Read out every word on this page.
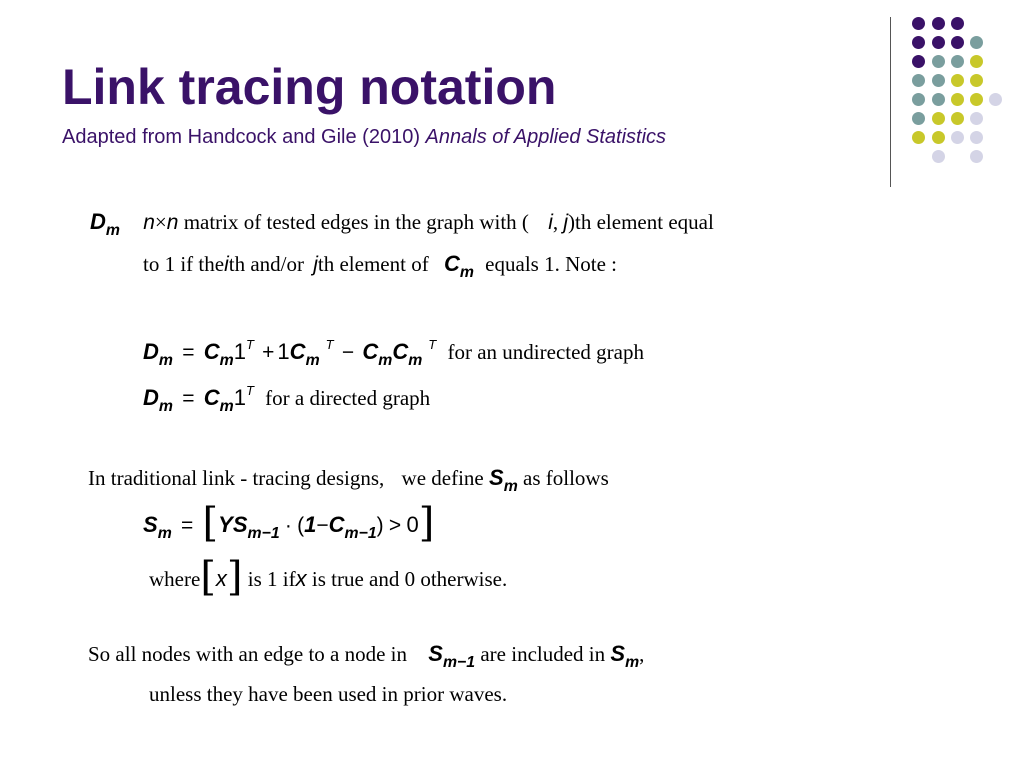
Link tracing notation
Adapted from Handcock and Gile (2010) Annals of Applied Statistics
$D_m$ n×n matrix of tested edges in the graph with ( i, j)th element equal
to 1 if theith and/or jth element of $C_m$ equals 1. Note :
$D_m = C_m1^T + 1C_m^T - C_mC_m^T$ for an undirected graph
$D_m = C_m1^T$ for a directed graph
In traditional link - tracing designs, we define $S_m$ as follows
$S_m = [YS_{m-1} \cdot (1-C_{m-1}) > 0]$
where[x] is 1 ifx is true and 0 otherwise.
So all nodes with an edge to a node in $S_{m-1}$ are included in $S_m$,
unless they have been used in prior waves.
